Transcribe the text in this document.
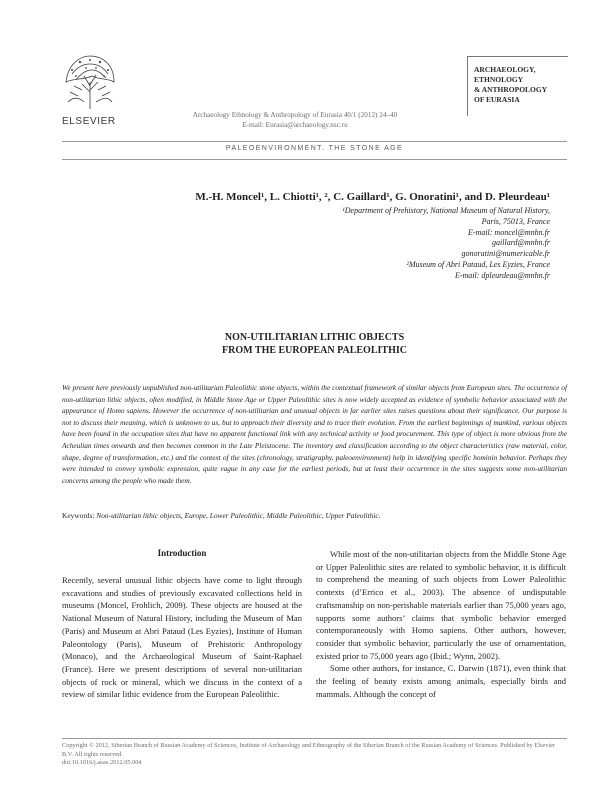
ELSEVIER
Archaeology Ethnology & Anthropology of Eurasia 40/1 (2012) 24–40
E-mail: Eurasia@archaeology.nsc.ru
ARCHAEOLOGY,
ETHNOLOGY
& ANTHROPOLOGY
OF EURASIA
PALEOENVIRONMENT. THE STONE AGE
M.-H. Moncel¹, L. Chiotti¹, ², C. Gaillard¹, G. Onoratini¹, and D. Pleurdeau¹
¹Department of Prehistory, National Museum of Natural History,
Paris, 75013, France
E-mail: moncel@mnhn.fr
gaillard@mnhn.fr
gonoratini@numericable.fr
²Museum of Abri Pataud, Les Eyzies, France
E-mail: dpleurdeau@mnhn.fr
NON-UTILITARIAN LITHIC OBJECTS
FROM THE EUROPEAN PALEOLITHIC

We present here previously unpublished non-utilitarian Paleolithic stone objects, within the contextual framework of similar objects from European sites. The occurrence of non-utilitarian lithic objects, often modified, in Middle Stone Age or Upper Paleolithic sites is now widely accepted as evidence of symbolic behavior associated with the appearance of Homo sapiens. However the occurrence of non-utilitarian and unusual objects in far earlier sites raises questions about their significance. Our purpose is not to discuss their meaning, which is unknown to us, but to approach their diversity and to trace their evolution. From the earliest beginnings of mankind, various objects have been found in the occupation sites that have no apparent functional link with any technical activity or food procurement. This type of object is more obvious from the Acheulian times onwards and then becomes common in the Late Pleistocene. The inventory and classification according to the object characteristics (raw material, color, shape, degree of transformation, etc.) and the context of the sites (chronology, stratigraphy, paleoenvironment) help in identifying specific hominin behavior. Perhaps they were intended to convey symbolic expression, quite vague in any case for the earliest periods, but at least their occurrence in the sites suggests some non-utilitarian concerns among the people who made them.

Keywords: Non-utilitarian lithic objects, Europe, Lower Paleolithic, Middle Paleolithic, Upper Paleolithic.
Introduction

Recently, several unusual lithic objects have come to light through excavations and studies of previously excavated collections held in museums (Moncel, Frohlich, 2009). These objects are housed at the National Museum of Natural History, including the Museum of Man (Paris) and Museum at Abri Pataud (Les Eyzies), Institute of Human Paleontology (Paris), Museum of Prehistoric Anthropology (Monaco), and the Archaeological Museum of Saint-Raphael (France). Here we present descriptions of several non-utilitarian objects of rock or mineral, which we discuss in the context of a review of similar lithic evidence from the European Paleolithic.

While most of the non-utilitarian objects from the Middle Stone Age or Upper Paleolithic sites are related to symbolic behavior, it is difficult to comprehend the meaning of such objects from Lower Paleolithic contexts (d’Errico et al., 2003). The absence of undisputable craftsmanship on non-perishable materials earlier than 75,000 years ago, supports some authors’ claims that symbolic behavior emerged contemporaneously with Homo sapiens. Other authors, however, consider that symbolic behavior, particularly the use of ornamentation, existed prior to 75,000 years ago (Ibid.; Wynn, 2002).

Some other authors, for instance, C. Darwin (1871), even think that the feeling of beauty exists among animals, especially birds and mammals. Although the concept of

Copyright © 2012, Siberian Branch of Russian Academy of Sciences, Institute of Archaeology and Ethnography of the Siberian Branch of the Russian Academy of Sciences. Published by Elsevier B.V. All rights reserved.
doi:10.1016/j.aeae.2012.05.004
